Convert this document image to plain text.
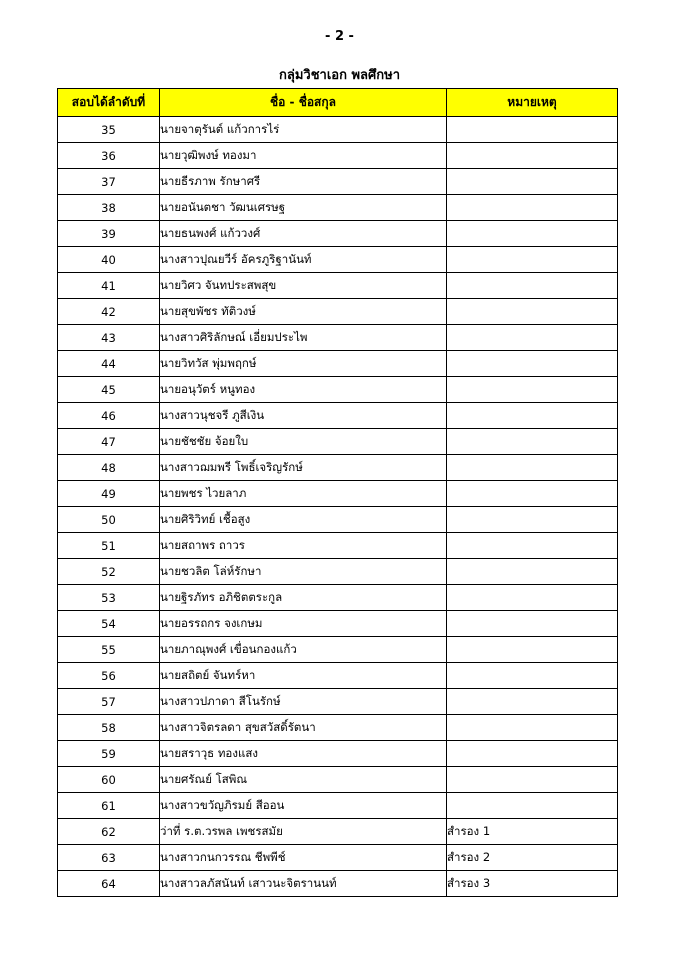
- 2 -
กลุ่มวิชาเอก พลศึกษา
สอบได้ลำดับที่	ชื่อ - ชื่อสกุล	หมายเหตุ
35	นายจาตุรันต์ แก้วการไร่	
36	นายวุฒิพงษ์ ทองมา	
37	นายธีรภาพ รักษาศรี	
38	นายอนันตชา วัฒนเศรษฐ	
39	นายธนพงศ์ แก้ววงศ์	
40	นางสาวปุณยวีร์ อัครภูริฐานันท์	
41	นายวิศว จันทประสพสุข	
42	นายสุขพัชร ทัติวงษ์	
43	นางสาวศิริลักษณ์ เอี่ยมประไพ	
44	นายวิทวัส พุ่มพฤกษ์	
45	นายอนุวัตร์ หนูทอง	
46	นางสาวนุชจรี ภูสีเงิน	
47	นายชัชชัย จ้อยใบ	
48	นางสาวฌมพรี โพธิ์เจริญรักษ์	
49	นายพชร ไวยลาภ	
50	นายศิริวิทย์ เชื้อสูง	
51	นายสถาพร ถาวร	
52	นายชวลิต โล่ห์รักษา	
53	นายฐิรภัทร อภิชิตตระกูล	
54	นายอรรถกร จงเกษม	
55	นายภาณุพงศ์ เขื่อนกองแก้ว	
56	นายสถิตย์ จันทร์หา	
57	นางสาวปภาดา สีโนรักษ์	
58	นางสาวจิตรลดา สุขสวัสดิ์รัตนา	
59	นายสราวุธ ทองแสง	
60	นายศรัณย์ โสพิณ	
61	นางสาวขวัญภิรมย์ สีออน	
62	ว่าที่ ร.ต.วรพล เพชรสมัย	สำรอง 1
63	นางสาวกนกวรรณ ชีพพีช์	สำรอง 2
64	นางสาวลภัสนันท์ เสาวนะจิตรานนท์	สำรอง 3
